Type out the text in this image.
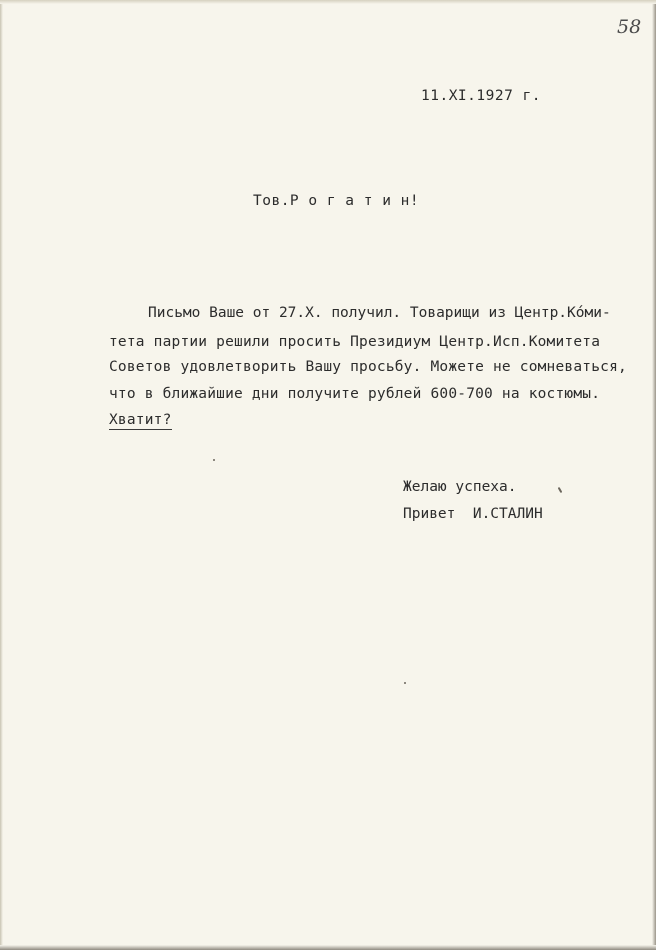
58
11.XI.1927 г.
Тов.Р о г а т и н!
Письмо Ваше от 27.Х. получил. Товарищи из Центр.Ко́ми-
тета партии решили просить Президиум Центр.Исп.Комитета
Советов удовлетворить Вашу просьбу. Можете не сомневаться,
что в ближайшие дни получите рублей 600-700 на костюмы.
Хватит?
Желаю успеха.
Привет  И.СТАЛИН
